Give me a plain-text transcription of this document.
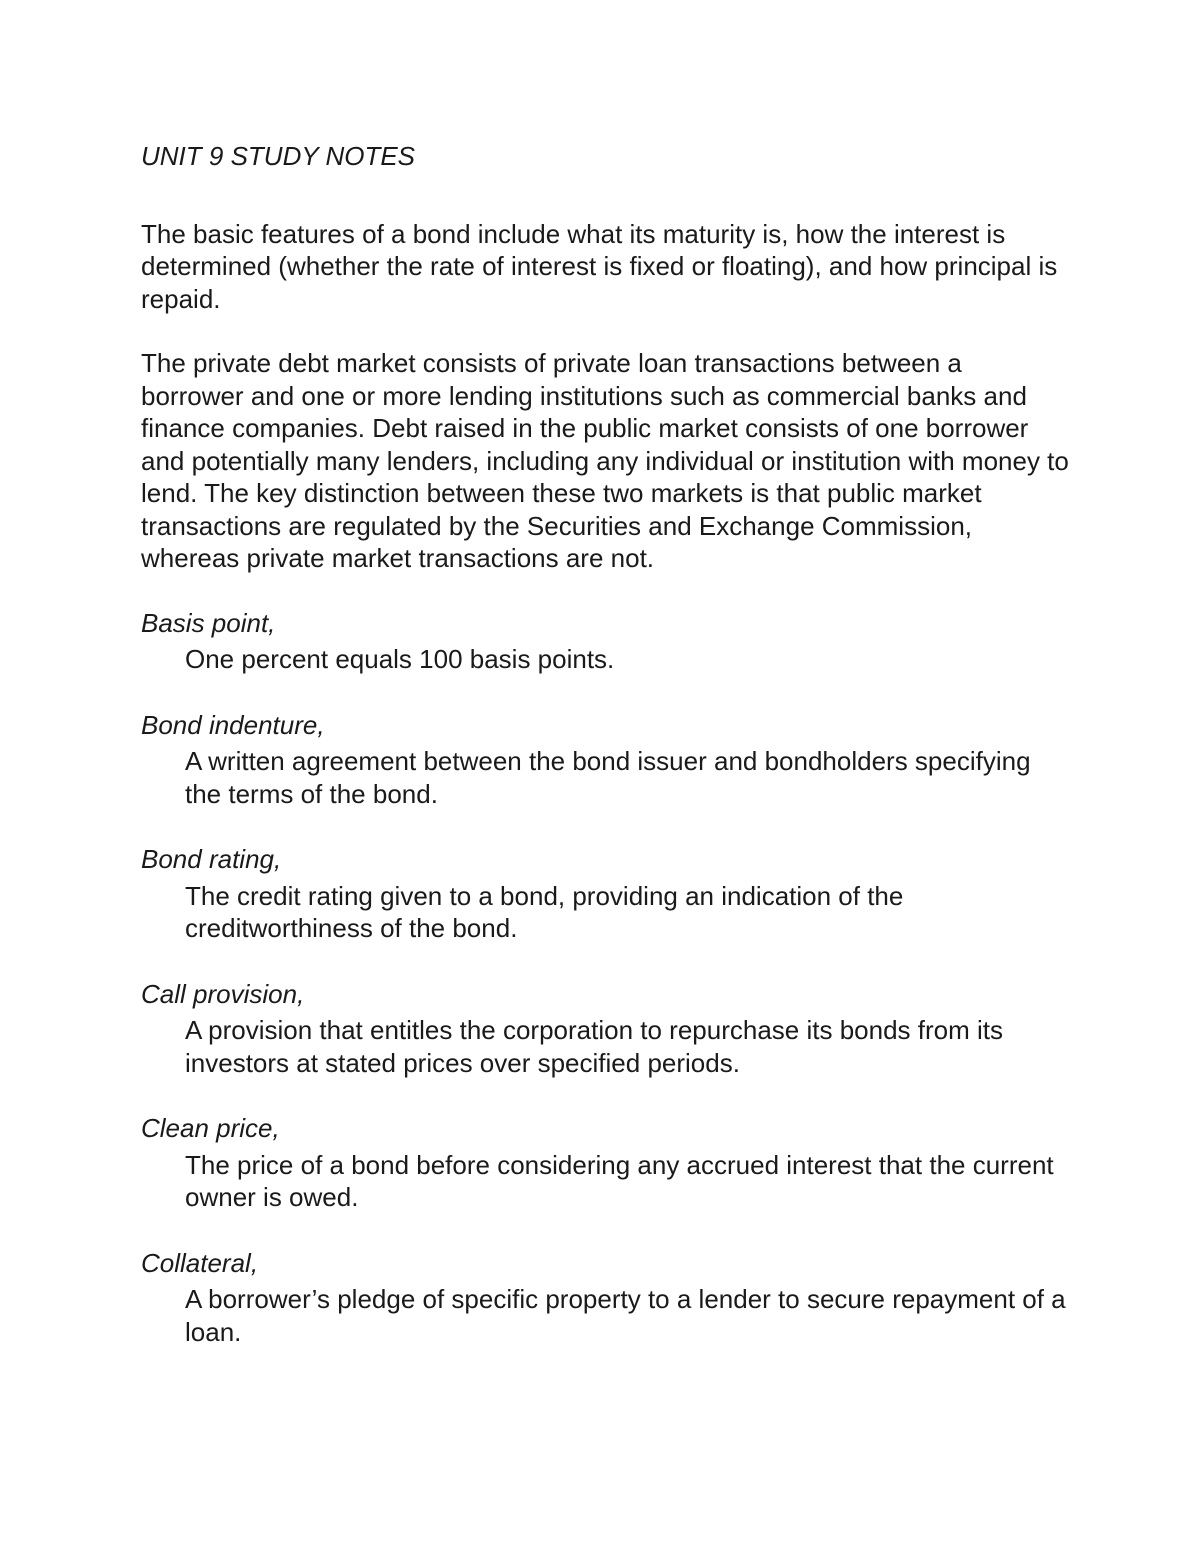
UNIT 9 STUDY NOTES

The basic features of a bond include what its maturity is, how the interest is determined (whether the rate of interest is fixed or floating), and how principal is repaid.

The private debt market consists of private loan transactions between a borrower and one or more lending institutions such as commercial banks and finance companies. Debt raised in the public market consists of one borrower and potentially many lenders, including any individual or institution with money to lend. The key distinction between these two markets is that public market transactions are regulated by the Securities and Exchange Commission, whereas private market transactions are not.

Basis point,

One percent equals 100 basis points.

Bond indenture,

A written agreement between the bond issuer and bondholders specifying the terms of the bond.

Bond rating,

The credit rating given to a bond, providing an indication of the creditworthiness of the bond.

Call provision,

A provision that entitles the corporation to repurchase its bonds from its investors at stated prices over specified periods.

Clean price,

The price of a bond before considering any accrued interest that the current owner is owed.

Collateral,

A borrower’s pledge of specific property to a lender to secure repayment of a loan.
